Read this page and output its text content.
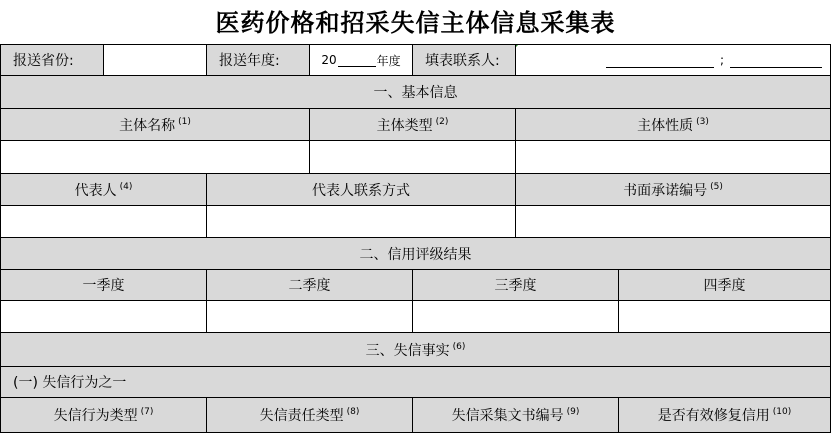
医药价格和招采失信主体信息采集表
报送省份:	报送年度:	20	年度	填表联系人:	;
一、基本信息
主体名称 $^{(1)}$	主体类型 $^{(2)}$	主体性质 $^{(3)}$
代表人 $^{(4)}$	代表人联系方式	书面承诺编号 $^{(5)}$
二、信用评级结果
一季度	二季度	三季度	四季度
三、失信事实 $^{(6)}$
(一) 失信行为之一
失信行为类型 $^{(7)}$	失信责任类型 $^{(8)}$	失信采集文书编号 $^{(9)}$	是否有效修复信用 $^{(10)}$
